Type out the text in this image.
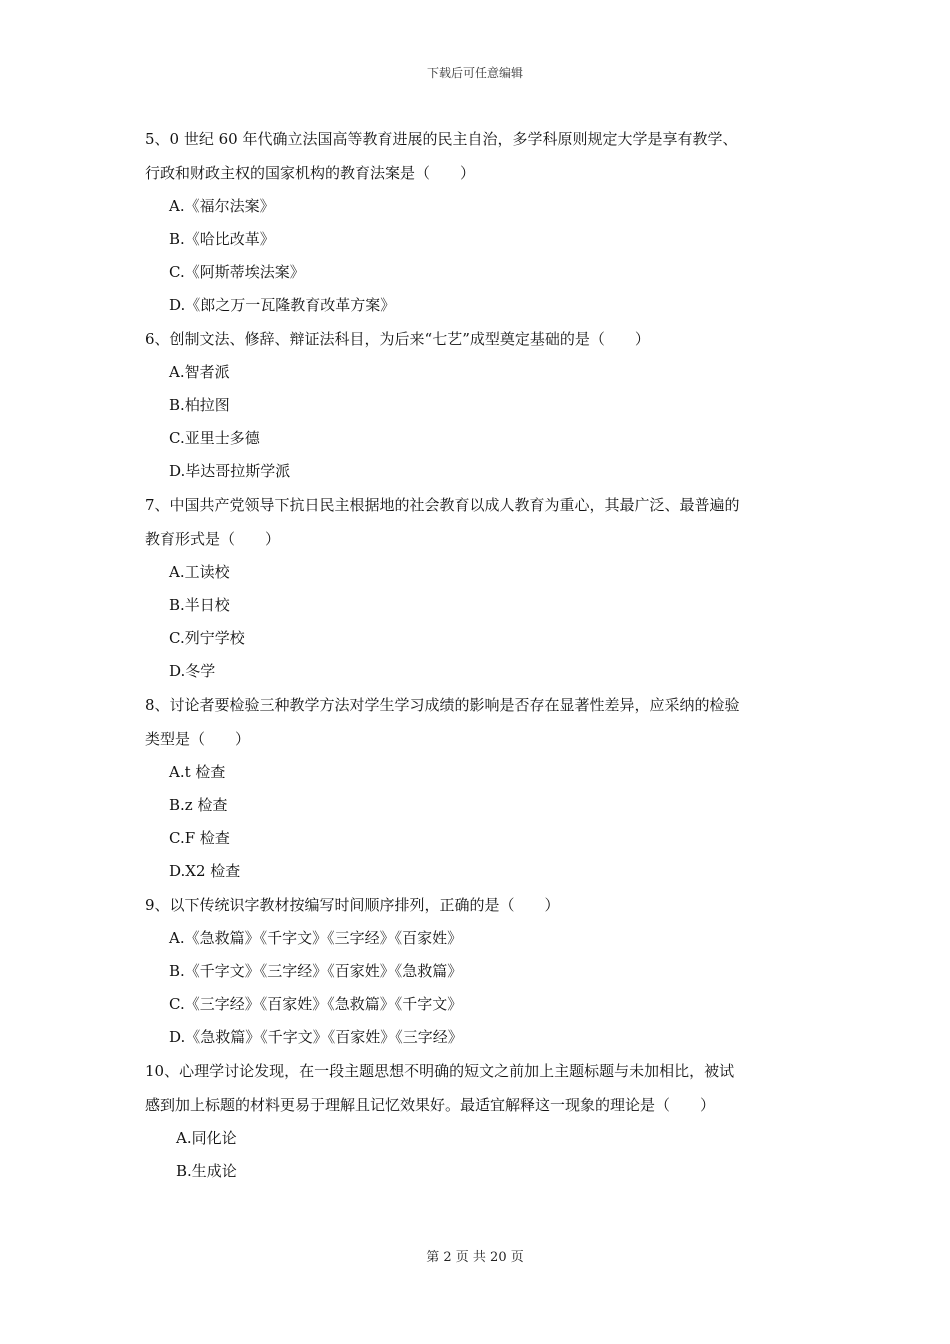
下载后可任意编辑
5、0 世纪 60 年代确立法国高等教育进展的民主自治，多学科原则规定大学是享有教学、
行政和财政主权的国家机构的教育法案是（　　）
A.《福尔法案》
B.《哈比改革》
C.《阿斯蒂埃法案》
D.《郎之万一瓦隆教育改革方案》
6、创制文法、修辞、辩证法科目，为后来“七艺”成型奠定基础的是（　　）
A.智者派
B.柏拉图
C.亚里士多德
D.毕达哥拉斯学派
7、中国共产党领导下抗日民主根据地的社会教育以成人教育为重心，其最广泛、最普遍的
教育形式是（　　）
A.工读校
B.半日校
C.列宁学校
D.冬学
8、讨论者要检验三种教学方法对学生学习成绩的影响是否存在显著性差异，应采纳的检验
类型是（　　）
A.t 检查
B.z 检查
C.F 检查
D.X2 检查
9、以下传统识字教材按编写时间顺序排列，正确的是（　　）
A.《急救篇》《千字文》《三字经》《百家姓》
B.《千字文》《三字经》《百家姓》《急救篇》
C.《三字经》《百家姓》《急救篇》《千字文》
D.《急救篇》《千字文》《百家姓》《三字经》
10、心理学讨论发现，在一段主题思想不明确的短文之前加上主题标题与未加相比，被试
感到加上标题的材料更易于理解且记忆效果好。最适宜解释这一现象的理论是（　　）
A.同化论
B.生成论
第 2 页 共 20 页
